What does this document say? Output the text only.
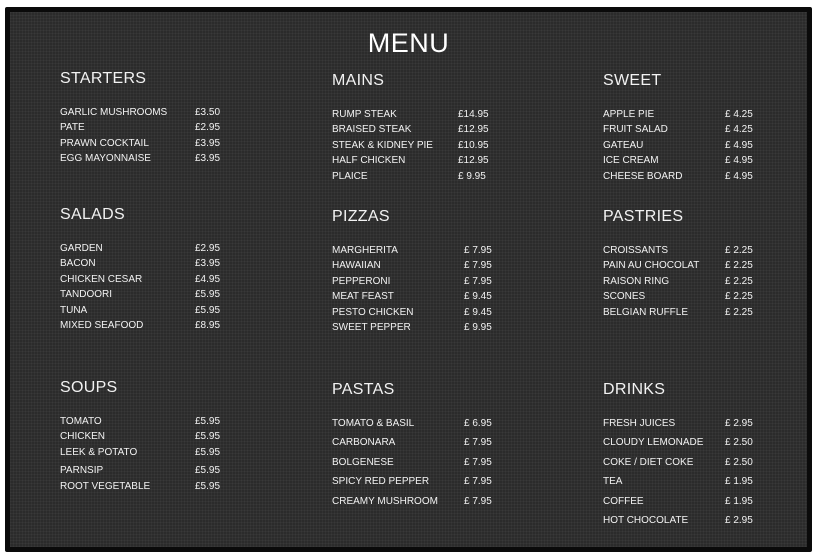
MENU
STARTERS
GARLIC MUSHROOMS	£3.50
PATE	£2.95
PRAWN COCKTAIL	£3.95
EGG MAYONNAISE	£3.95
MAINS
RUMP STEAK	£14.95
BRAISED STEAK	£12.95
STEAK & KIDNEY PIE	£10.95
HALF CHICKEN	£12.95
PLAICE	£ 9.95
SWEET
APPLE PIE	£ 4.25
FRUIT SALAD	£ 4.25
GATEAU	£ 4.95
ICE CREAM	£ 4.95
CHEESE BOARD	£ 4.95
SALADS
GARDEN	£2.95
BACON	£3.95
CHICKEN CESAR	£4.95
TANDOORI	£5.95
TUNA	£5.95
MIXED SEAFOOD	£8.95
PIZZAS
MARGHERITA	£ 7.95
HAWAIIAN	£ 7.95
PEPPERONI	£ 7.95
MEAT FEAST	£ 9.45
PESTO CHICKEN	£ 9.45
SWEET PEPPER	£ 9.95
PASTRIES
CROISSANTS	£ 2.25
PAIN AU CHOCOLAT	£ 2.25
RAISON RING	£ 2.25
SCONES	£ 2.25
BELGIAN RUFFLE	£ 2.25
SOUPS
TOMATO	£5.95
CHICKEN	£5.95
LEEK & POTATO	£5.95
PARNSIP	£5.95
ROOT VEGETABLE	£5.95
PASTAS
TOMATO & BASIL	£ 6.95
CARBONARA	£ 7.95
BOLGENESE	£ 7.95
SPICY RED PEPPER	£ 7.95
CREAMY MUSHROOM	£ 7.95
DRINKS
FRESH JUICES	£ 2.95
CLOUDY LEMONADE £ 2.50
COKE / DIET COKE	£ 2.50
TEA	£ 1.95
COFFEE	£ 1.95
HOT CHOCOLATE	£ 2.95
